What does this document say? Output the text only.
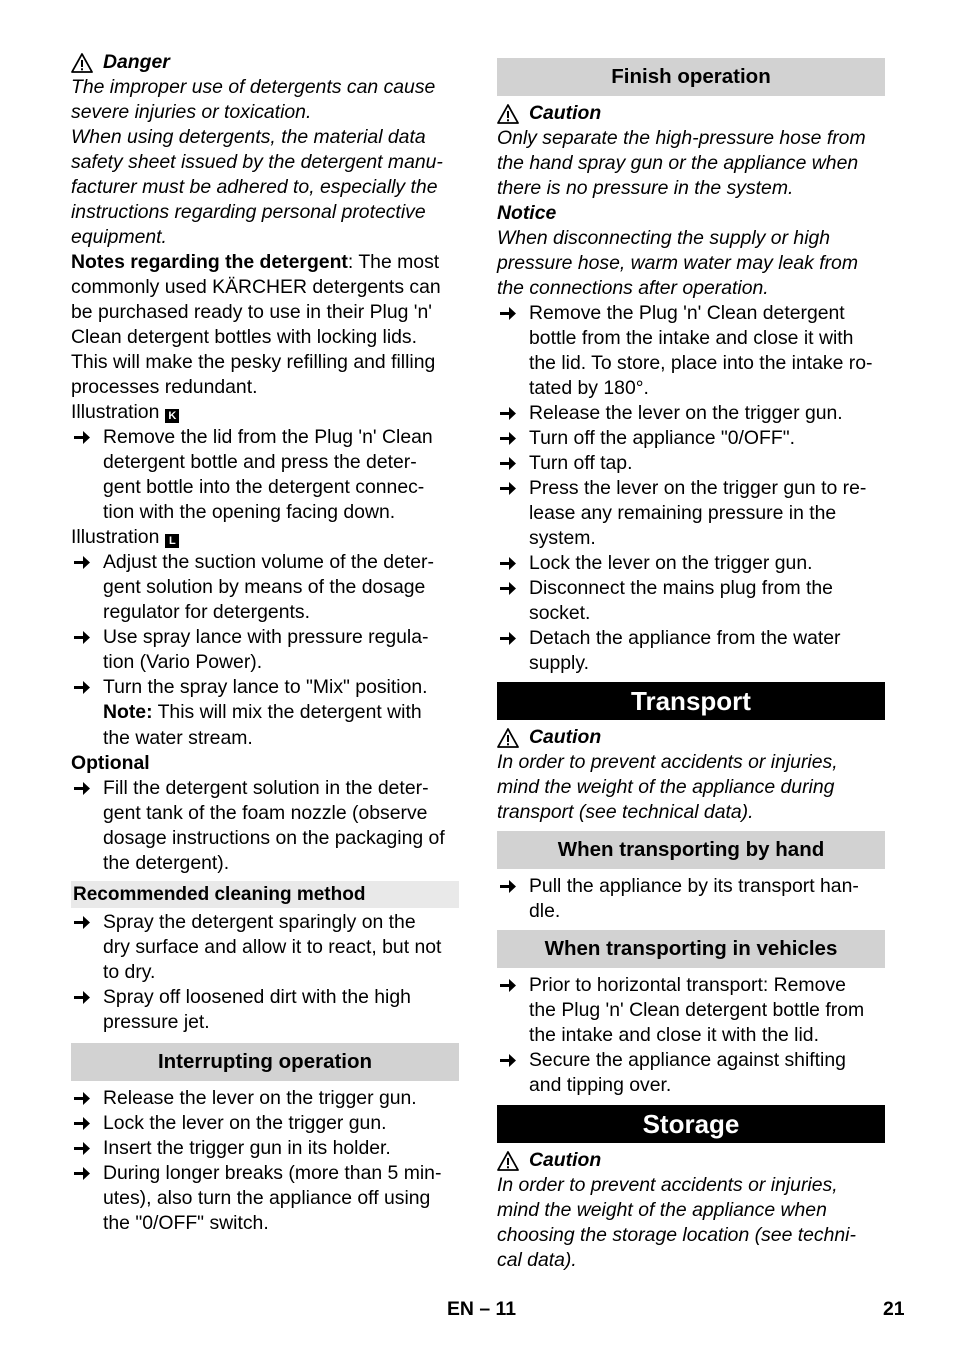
Danger

The improper use of detergents can cause

severe injuries or toxication.

When using detergents, the material data

safety sheet issued by the detergent manu-

facturer must be adhered to, especially the

instructions regarding personal protective

equipment.

Notes regarding the detergent: The most

commonly used KÄRCHER detergents can

be purchased ready to use in their Plug 'n'

Clean detergent bottles with locking lids.

This will make the pesky refilling and filling

processes redundant.

Illustration K

Remove the lid from the Plug 'n' Clean

detergent bottle and press the deter-

gent bottle into the detergent connec-

tion with the opening facing down.

Illustration L

Adjust the suction volume of the deter-

gent solution by means of the dosage

regulator for detergents.

Use spray lance with pressure regula-

tion (Vario Power).

Turn the spray lance to "Mix" position.

Note: This will mix the detergent with

the water stream.

Optional

Fill the detergent solution in the deter-

gent tank of the foam nozzle (observe

dosage instructions on the packaging of

the detergent).

Recommended cleaning method

Spray the detergent sparingly on the

dry surface and allow it to react, but not

to dry.

Spray off loosened dirt with the high

pressure jet.

Interrupting operation

Release the lever on the trigger gun.

Lock the lever on the trigger gun.

Insert the trigger gun in its holder.

During longer breaks (more than 5 min-

utes), also turn the appliance off using

the "0/OFF" switch.

Finish operation
Caution

Only separate the high-pressure hose from

the hand spray gun or the appliance when

there is no pressure in the system.

Notice

When disconnecting the supply or high

pressure hose, warm water may leak from

the connections after operation.

Remove the Plug 'n' Clean detergent

bottle from the intake and close it with

the lid. To store, place into the intake ro-

tated by 180°.

Release the lever on the trigger gun.

Turn off the appliance "0/OFF".

Turn off tap.

Press the lever on the trigger gun to re-

lease any remaining pressure in the

system.

Lock the lever on the trigger gun.

Disconnect the mains plug from the

socket.

Detach the appliance from the water

supply.

Transport
Caution

In order to prevent accidents or injuries,

mind the weight of the appliance during

transport (see technical data).

When transporting by hand

Pull the appliance by its transport han-

dle.

When transporting in vehicles

Prior to horizontal transport: Remove

the Plug 'n' Clean detergent bottle from

the intake and close it with the lid.

Secure the appliance against shifting

and tipping over.

Storage
Caution

In order to prevent accidents or injuries,

mind the weight of the appliance when

choosing the storage location (see techni-

cal data).

EN – 11	21
